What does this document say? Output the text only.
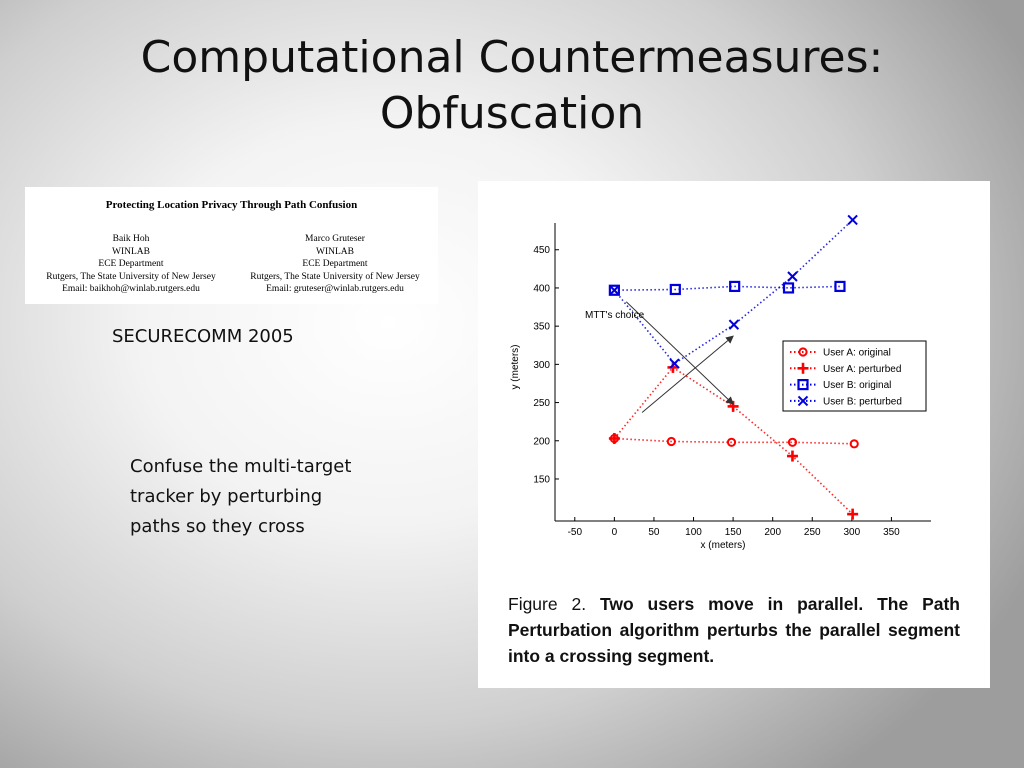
Computational Countermeasures:
Obfuscation
Protecting Location Privacy Through Path Confusion
Baik Hoh
WINLAB
ECE Department
Rutgers, The State University of New Jersey
Email: baikhoh@winlab.rutgers.edu
Marco Gruteser
WINLAB
ECE Department
Rutgers, The State University of New Jersey
Email: gruteser@winlab.rutgers.edu
SECURECOMM 2005
Confuse the multi-target
tracker by perturbing
paths so they cross	-50	0	50	100 150 200 250 300 350
150
200
250
300
350
400
450
x (meters)
y (meters)
MTT's choice
User A: original
User A: perturbed
User B: original
User B: perturbed
Figure 2. Two users move in parallel. The Path Perturbation algorithm perturbs the parallel segment into a crossing segment.
